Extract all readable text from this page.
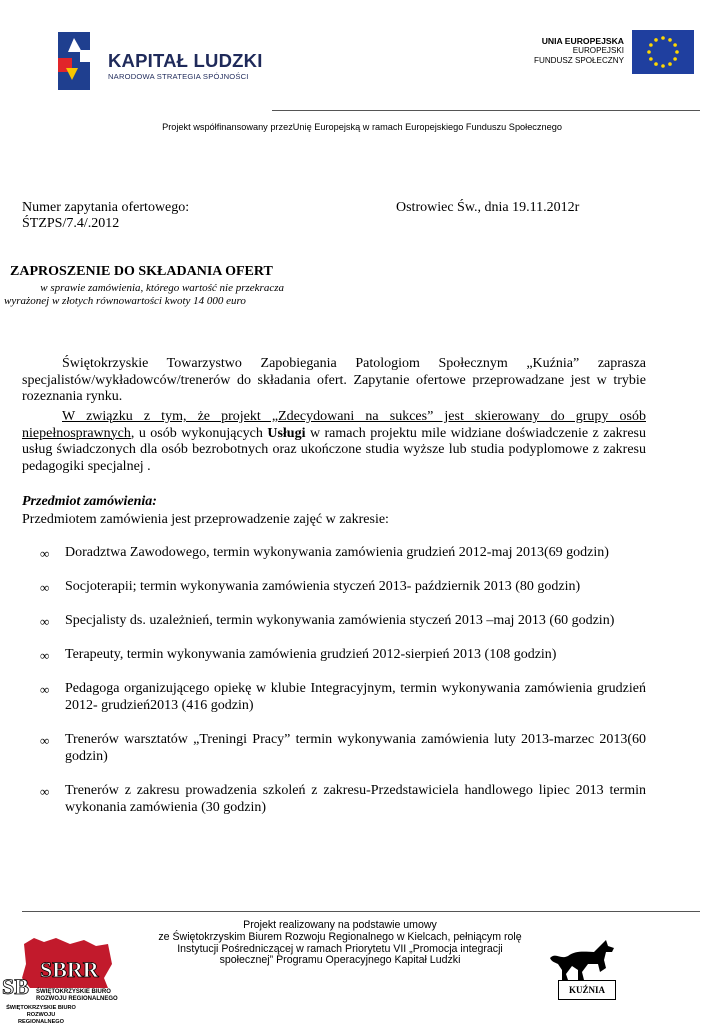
KAPITAŁ LUDZKI
NARODOWA STRATEGIA SPÓJNOŚCI
UNIA EUROPEJSKA
EUROPEJSKI
FUNDUSZ SPOŁECZNY
Projekt współfinansowany przezUnię Europejską w ramach Europejskiego Funduszu Społecznego
Numer zapytania ofertowego:
ŚTZPS/7.4/.2012
Ostrowiec Św., dnia 19.11.2012r
ZAPROSZENIE DO SKŁADANIA OFERT
w sprawie zamówienia, którego wartość nie przekracza
wyrażonej w złotych równowartości kwoty 14 000 euro
Świętokrzyskie Towarzystwo Zapobiegania Patologiom Społecznym „Kuźnia” zaprasza specjalistów/wykładowców/trenerów do składania ofert. Zapytanie ofertowe przeprowadzane jest w trybie rozeznania rynku.
W związku z tym, że projekt „Zdecydowani na sukces” jest skierowany do grupy osób niepełnosprawnych, u osób wykonujących Usługi w ramach projektu mile widziane doświadczenie z zakresu usług świadczonych dla osób bezrobotnych oraz ukończone studia wyższe lub studia podyplomowe z zakresu pedagogiki specjalnej .
Przedmiot zamówienia:
Przedmiotem zamówienia jest przeprowadzenie zajęć w zakresie:
∞ Doradztwa Zawodowego, termin wykonywania zamówienia grudzień 2012-maj 2013(69 godzin)
∞ Socjoterapii; termin wykonywania zamówienia styczeń 2013- październik 2013 (80 godzin)
∞ Specjalisty ds. uzależnień, termin wykonywania zamówienia styczeń 2013 –maj 2013 (60 godzin)
∞ Terapeuty, termin wykonywania zamówienia grudzień 2012-sierpień 2013 (108 godzin)
∞ Pedagoga organizującego opiekę w klubie Integracyjnym, termin wykonywania zamówienia grudzień 2012- grudzień2013 (416 godzin)
∞ Trenerów warsztatów „Treningi Pracy” termin wykonywania zamówienia luty 2013-marzec 2013(60 godzin)
∞ Trenerów z zakresu prowadzenia szkoleń z zakresu-Przedstawiciela handlowego lipiec 2013 termin wykonania zamówienia (30 godzin)
Projekt realizowany na podstawie umowy
ze Świętokrzyskim Biurem Rozwoju Regionalnego w Kielcach, pełniącym rolę
Instytucji Pośredniczącej w ramach Priorytetu VII „Promocja integracji
społecznej” Programu Operacyjnego Kapitał Ludzki
SBRR
SB ŚWIĘTOKRZYSKIE BIURO ROZWOJU REGIONALNEGO
ŚWIĘTOKRZYSKIE BIURO ROZWOJU REGIONALNEGO
KUŹNIA
